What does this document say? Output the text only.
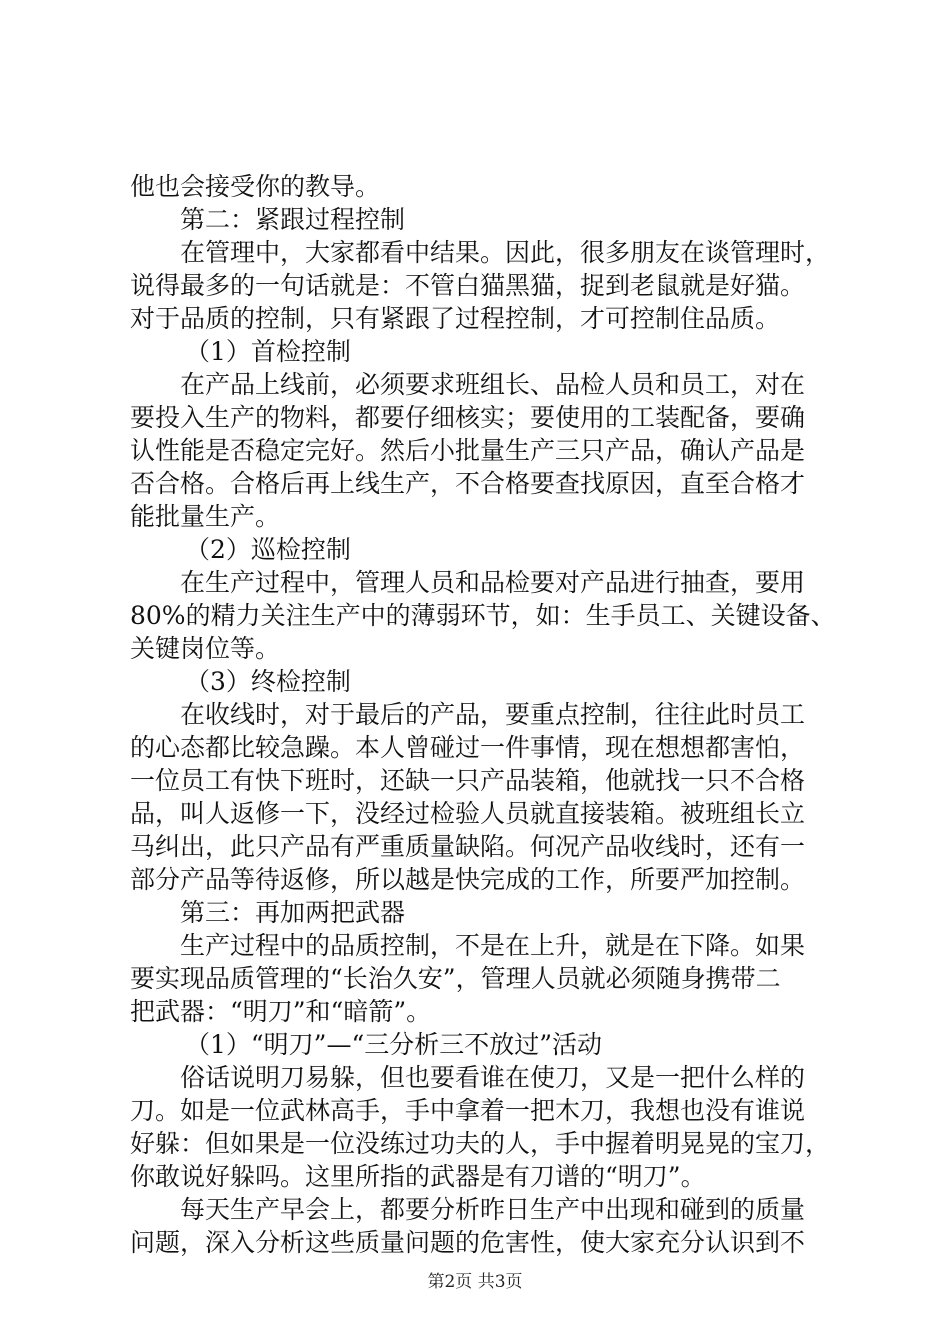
他也会接受你的教导。
第二：紧跟过程控制
在管理中，大家都看中结果。因此，很多朋友在谈管理时，
说得最多的一句话就是：不管白猫黑猫，捉到老鼠就是好猫。
对于品质的控制，只有紧跟了过程控制，才可控制住品质。
（1）首检控制
在产品上线前，必须要求班组长、品检人员和员工，对在
要投入生产的物料，都要仔细核实；要使用的工装配备，要确
认性能是否稳定完好。然后小批量生产三只产品，确认产品是
否合格。合格后再上线生产，不合格要查找原因，直至合格才
能批量生产。
（2）巡检控制
在生产过程中，管理人员和品检要对产品进行抽查，要用
80%的精力关注生产中的薄弱环节，如：生手员工、关键设备、
关键岗位等。
（3）终检控制
在收线时，对于最后的产品，要重点控制，往往此时员工
的心态都比较急躁。本人曾碰过一件事情，现在想想都害怕，
一位员工有快下班时，还缺一只产品装箱，他就找一只不合格
品，叫人返修一下，没经过检验人员就直接装箱。被班组长立
马纠出，此只产品有严重质量缺陷。何况产品收线时，还有一
部分产品等待返修，所以越是快完成的工作，所要严加控制。
第三：再加两把武器
生产过程中的品质控制，不是在上升，就是在下降。如果
要实现品质管理的“长治久安”，管理人员就必须随身携带二
把武器：“明刀”和“暗箭”。
（1）“明刀”—“三分析三不放过”活动
俗话说明刀易躲，但也要看谁在使刀，又是一把什么样的
刀。如是一位武林高手，手中拿着一把木刀，我想也没有谁说
好躲：但如果是一位没练过功夫的人，手中握着明晃晃的宝刀，
你敢说好躲吗。这里所指的武器是有刀谱的“明刀”。
每天生产早会上，都要分析昨日生产中出现和碰到的质量
问题，深入分析这些质量问题的危害性，使大家充分认识到不
第2页 共3页
